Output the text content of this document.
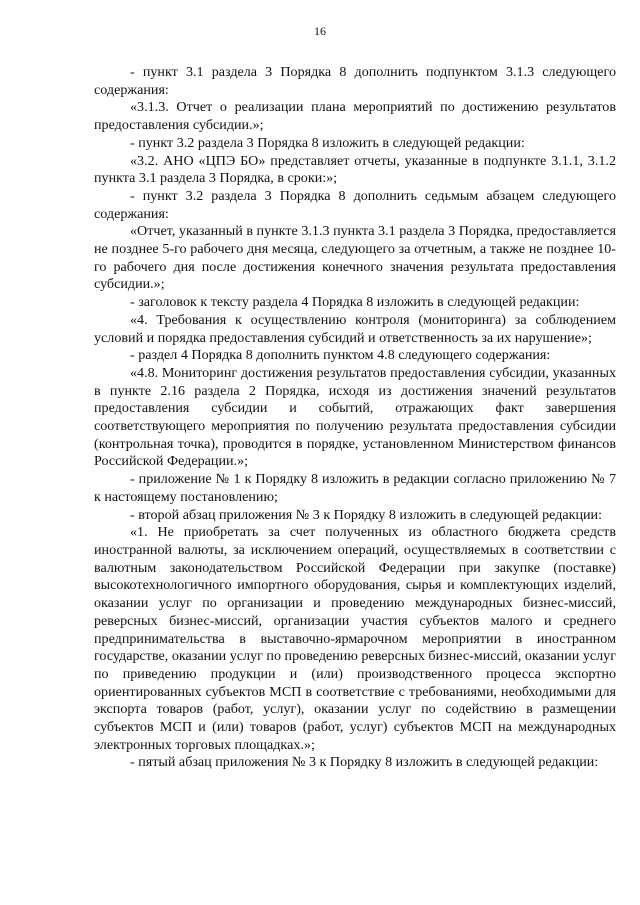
16

- пункт 3.1 раздела 3 Порядка 8 дополнить подпунктом 3.1.3 следующего содержания:

«3.1.3. Отчет о реализации плана мероприятий по достижению результатов предоставления субсидии.»;

- пункт 3.2 раздела 3 Порядка 8 изложить в следующей редакции:

«3.2. АНО «ЦПЭ БО» представляет отчеты, указанные в подпункте 3.1.1, 3.1.2 пункта 3.1 раздела 3 Порядка, в сроки:»;

- пункт 3.2 раздела 3 Порядка 8 дополнить седьмым абзацем следующего содержания:

«Отчет, указанный в пункте 3.1.3 пункта 3.1 раздела 3 Порядка, предоставляется не позднее 5-го рабочего дня месяца, следующего за отчетным, а также не позднее 10-го рабочего дня после достижения конечного значения результата предоставления субсидии.»;

- заголовок к тексту раздела 4 Порядка 8 изложить в следующей редакции:

«4. Требования к осуществлению контроля (мониторинга) за соблюдением условий и порядка предоставления субсидий и ответственность за их нарушение»;

- раздел 4 Порядка 8 дополнить пунктом 4.8 следующего содержания:

«4.8. Мониторинг достижения результатов предоставления субсидии, указанных в пункте 2.16 раздела 2 Порядка, исходя из достижения значений результатов предоставления субсидии и событий, отражающих факт завершения соответствующего мероприятия по получению результата предоставления субсидии (контрольная точка), проводится в порядке, установленном Министерством финансов Российской Федерации.»;

- приложение № 1 к Порядку 8 изложить в редакции согласно приложению № 7 к настоящему постановлению;

- второй абзац приложения № 3 к Порядку 8 изложить в следующей редакции:

«1. Не приобретать за счет полученных из областного бюджета средств иностранной валюты, за исключением операций, осуществляемых в соответствии с валютным законодательством Российской Федерации при закупке (поставке) высокотехнологичного импортного оборудования, сырья и комплектующих изделий, оказании услуг по организации и проведению международных бизнес-миссий, реверсных бизнес-миссий, организации участия субъектов малого и среднего предпринимательства в выставочно-ярмарочном мероприятии в иностранном государстве, оказании услуг по проведению реверсных бизнес-миссий, оказании услуг по приведению продукции и (или) производственного процесса экспортно ориентированных субъектов МСП в соответствие с требованиями, необходимыми для экспорта товаров (работ, услуг), оказании услуг по содействию в размещении субъектов МСП и (или) товаров (работ, услуг) субъектов МСП на международных электронных торговых площадках.»;

- пятый абзац приложения № 3 к Порядку 8 изложить в следующей редакции:
